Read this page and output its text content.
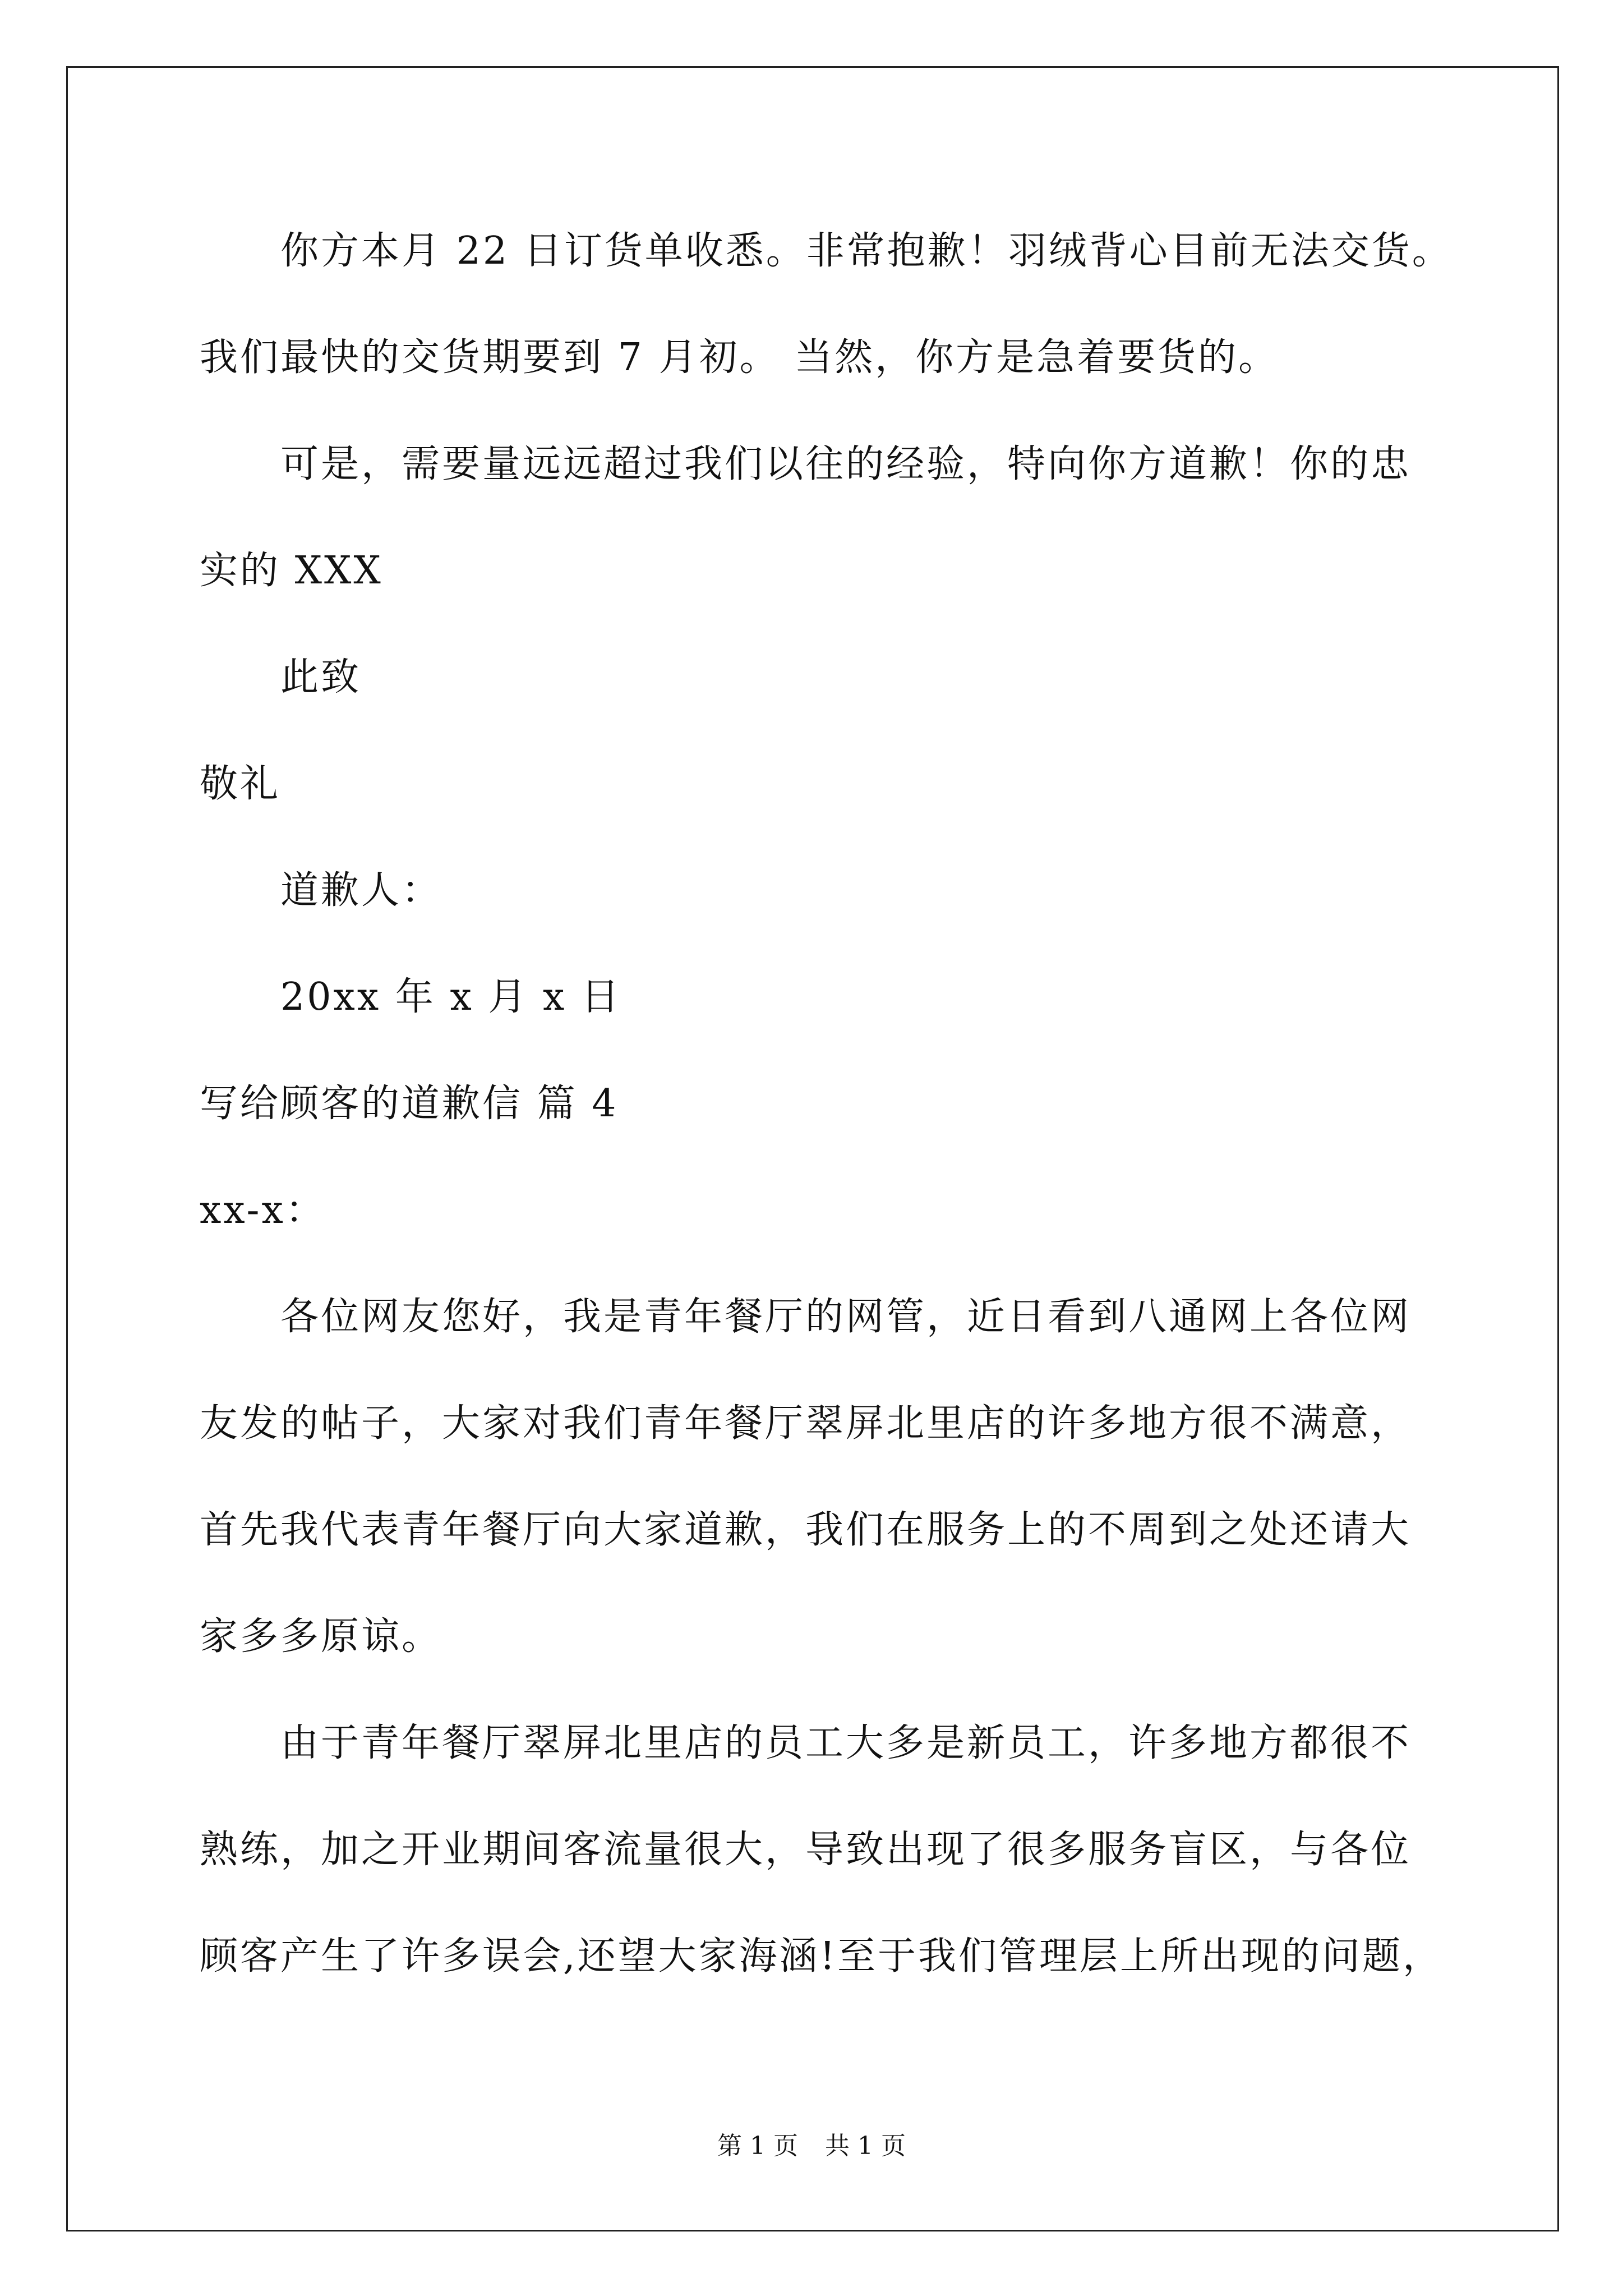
你方本月 22 日订货单收悉。非常抱歉！羽绒背心目前无法交货。
我们最快的交货期要到 7 月初。 当然，你方是急着要货的。
可是，需要量远远超过我们以往的经验，特向你方道歉！你的忠
实的 XXX
此致
敬礼
道歉人：
20xx 年 x 月 x 日
写给顾客的道歉信 篇 4
xx-x：
各位网友您好，我是青年餐厅的网管，近日看到八通网上各位网
友发的帖子，大家对我们青年餐厅翠屏北里店的许多地方很不满意，
首先我代表青年餐厅向大家道歉，我们在服务上的不周到之处还请大
家多多原谅。
由于青年餐厅翠屏北里店的员工大多是新员工，许多地方都很不
熟练，加之开业期间客流量很大，导致出现了很多服务盲区，与各位
顾客产生了许多误会,还望大家海涵!至于我们管理层上所出现的问题，
第 1 页 共 1 页
